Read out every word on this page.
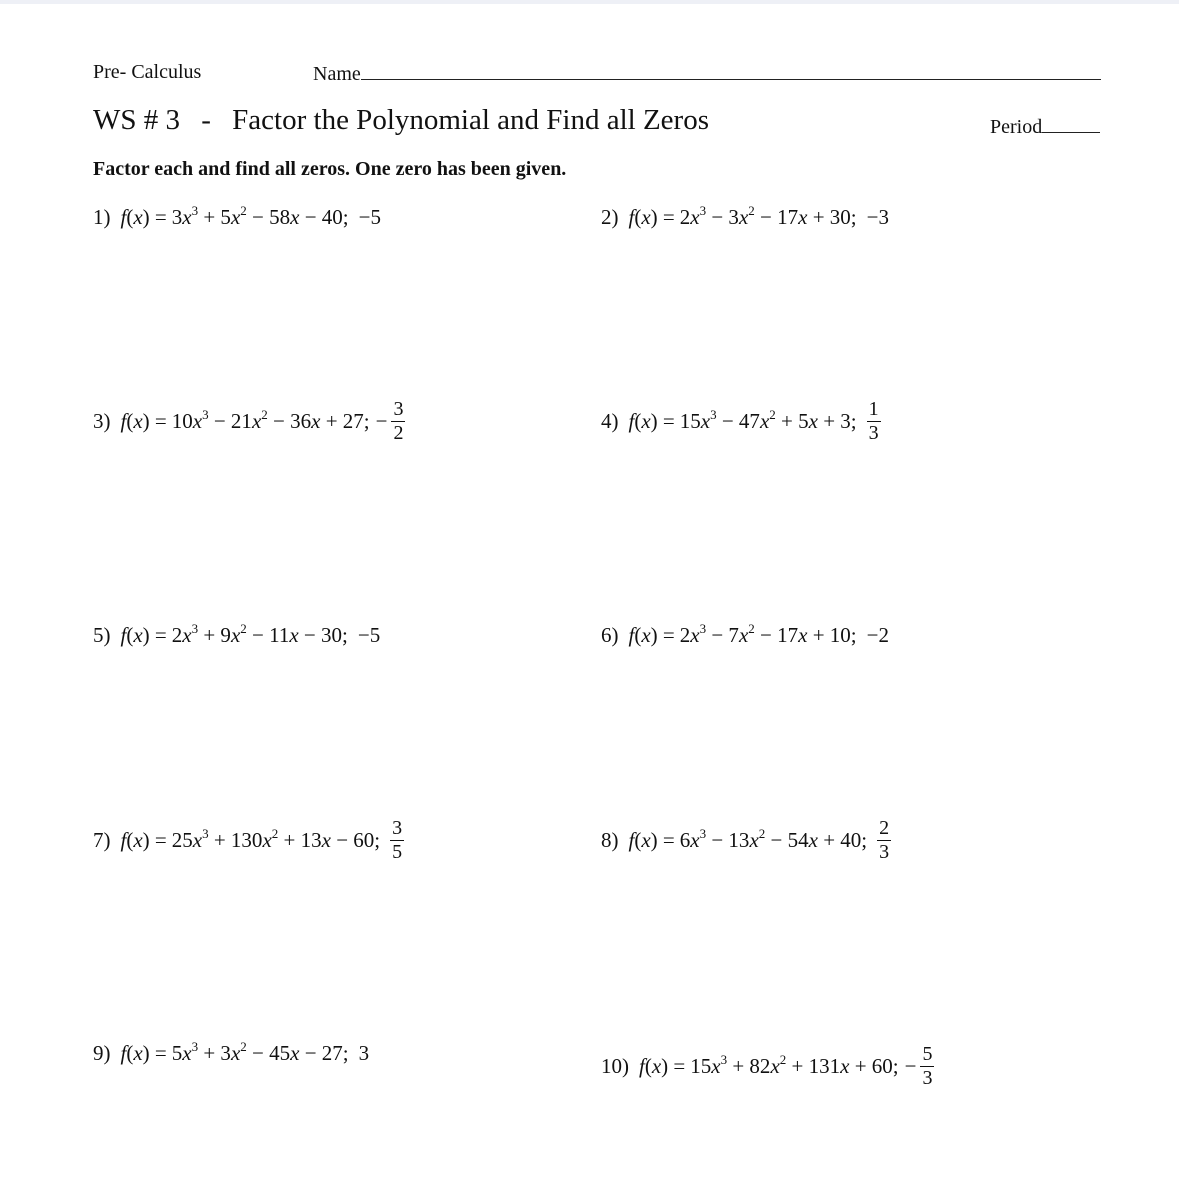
Pre- Calculus	Name
WS # 3 - Factor the Polynomial and Find all Zeros	Period
Factor each and find all zeros. One zero has been given.
1) $f(x) = 3x^3 + 5x^2 - 58x - 40$; −5	2) $f(x) = 2x^3 - 3x^2 - 17x + 30$; −3
3) $f(x) = 10x^3 - 21x^2 - 36x + 27$; − $\frac{3}{2}$	4) $f(x) = 15x^3 - 47x^2 + 5x + 3$; $\frac{1}{3}$
5) $f(x) = 2x^3 + 9x^2 - 11x - 30$; −5	6) $f(x) = 2x^3 - 7x^2 - 17x + 10$; −2
7) $f(x) = 25x^3 + 130x^2 + 13x - 60$; $\frac{3}{5}$	8) $f(x) = 6x^3 - 13x^2 - 54x + 40$; $\frac{2}{3}$
9) $f(x) = 5x^3 + 3x^2 - 45x - 27$; 3
10) $f(x) = 15x^3 + 82x^2 + 131x + 60$; − $\frac{5}{3}$
